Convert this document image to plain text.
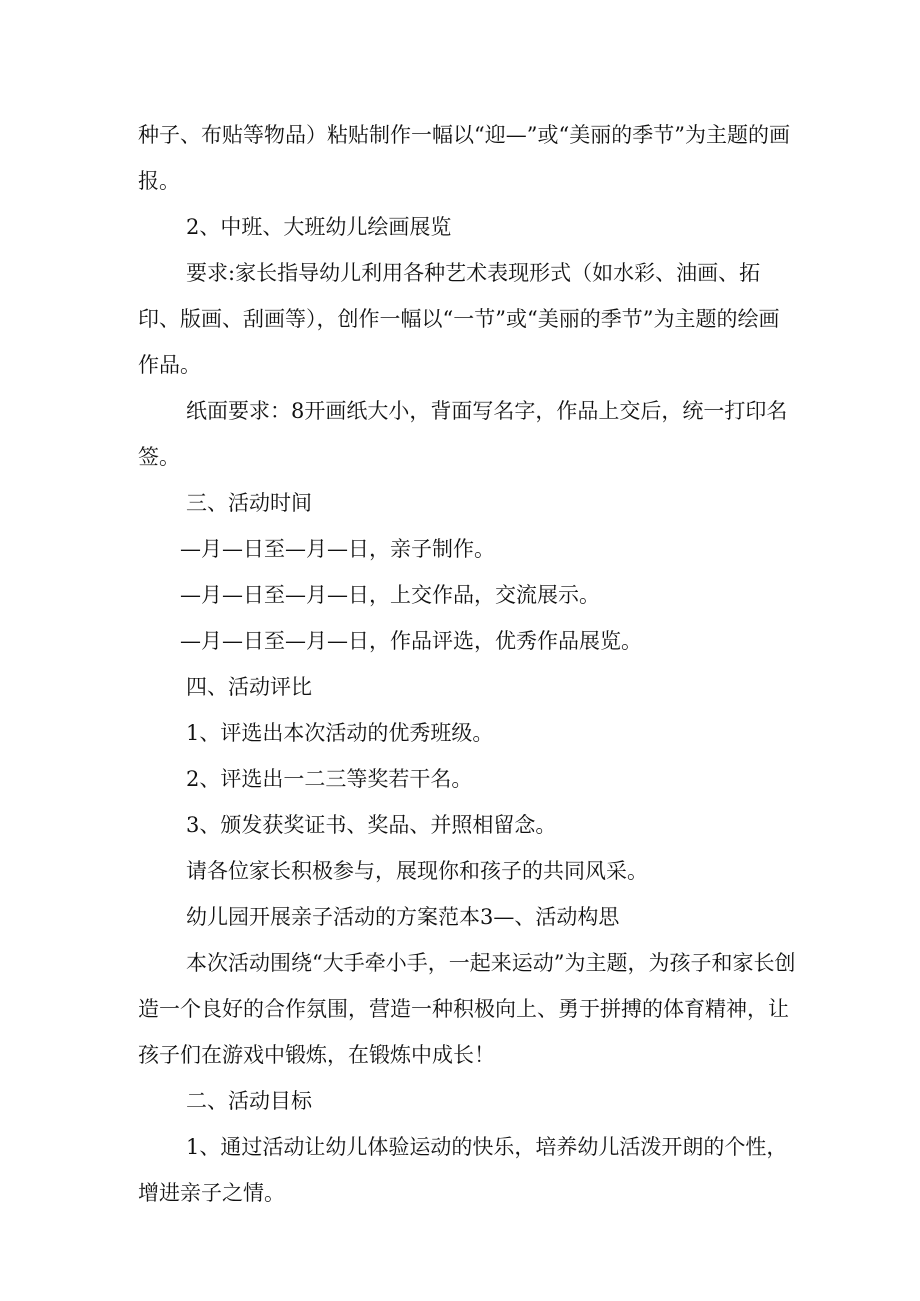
种子、布贴等物品）粘贴制作一幅以“迎—”或“美丽的季节”为主题的画报。

2、中班、大班幼儿绘画展览

要求:家长指导幼儿利用各种艺术表现形式（如水彩、油画、拓印、版画、刮画等），创作一幅以“一节”或“美丽的季节”为主题的绘画作品。

纸面要求：8开画纸大小，背面写名字，作品上交后，统一打印名签。

三、活动时间

—月—日至—月—日，亲子制作。

—月—日至—月—日，上交作品，交流展示。

—月—日至—月—日，作品评选，优秀作品展览。

四、活动评比

1、评选出本次活动的优秀班级。

2、评选出一二三等奖若干名。

3、颁发获奖证书、奖品、并照相留念。

请各位家长积极参与，展现你和孩子的共同风采。

幼儿园开展亲子活动的方案范本3—、活动构思

本次活动围绕“大手牵小手，一起来运动”为主题，为孩子和家长创造一个良好的合作氛围，营造一种积极向上、勇于拼搏的体育精神，让孩子们在游戏中锻炼，在锻炼中成长！

二、活动目标

1、通过活动让幼儿体验运动的快乐，培养幼儿活泼开朗的个性，增进亲子之情。
